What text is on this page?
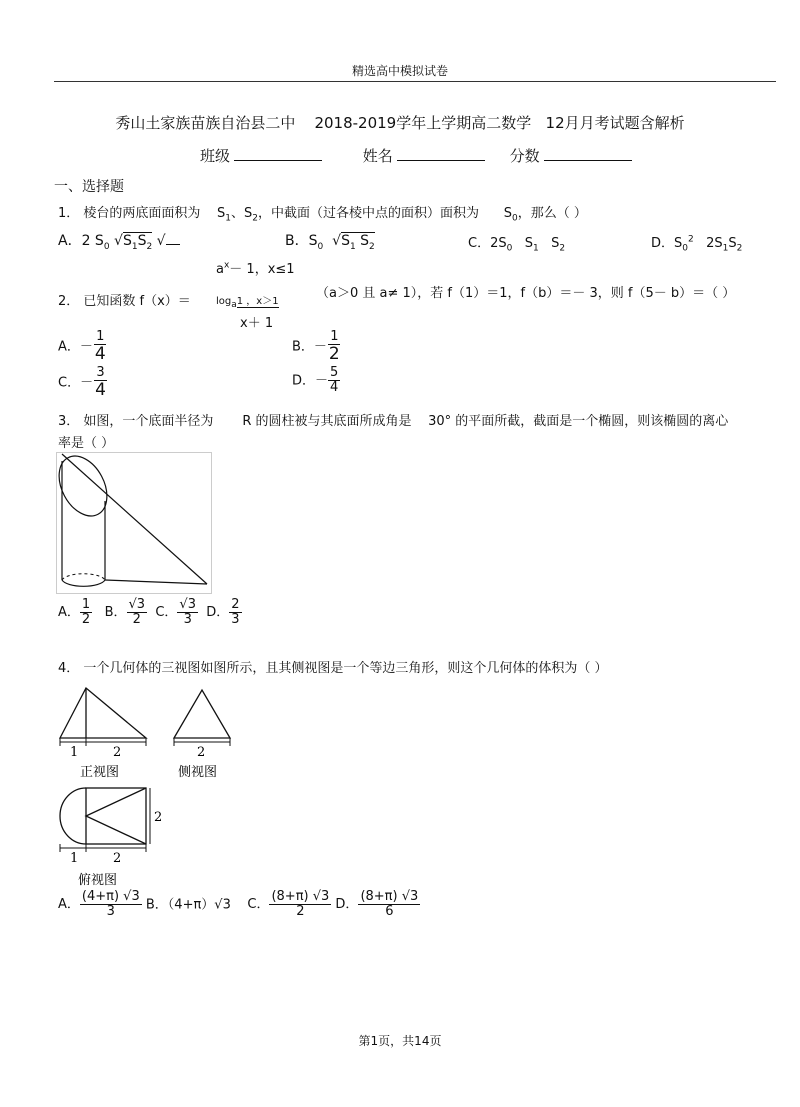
精选高中模拟试卷
秀山土家族苗族自治县二中 2018-2019学年上学期高二数学 12月月考试题含解析
班级	姓名	分数
一、选择题
1． 棱台的两底面面积为 $S_1$、$S_2$，中截面（过各棱中点的面积）面积为 $S_0$，那么（ ）
A．2 $S_0$ $√S_1S_2$ √	B．$S_0$ $√S_1$ $S_2$	C．$2S_0$ $S_1$ $S_2$	D．$S_0^2$ $2S_1S_2$
$a^x- 1$，x≤1
2． 已知函数 f（x）＝	$\log_a1$ ，x＞1
x＋ 1
（a＞0 且 a≠ 1），若 f（1）＝1，f（b）＝－ 3，则 f（5－ b）＝（ ）
A．－ $\frac{1}{4}$	B．－ $\frac{1}{2}$
C．－ $\frac{3}{4}$	D．－ $\frac{5}{4}$
3． 如图，一个底面半径为 R 的圆柱被与其底面所成角是 30° 的平面所截，截面是一个椭圆，则该椭圆的离心
率是（ ）
A． $\frac{1}{2}$ B． $\frac{√3}{2}$ C． $\frac{√3}{3}$ D． $\frac{2}{3}$
4． 一个几何体的三视图如图所示，且其侧视图是一个等边三角形，则这个几何体的体积为（ ）
1	2
正视图
2
侧视图
2
1	2
俯视图
A． $\frac{(4+\pi) √3}{3}$ B．（4+π）√3 C． $\frac{(8+\pi) √3}{2}$ D． $\frac{(8+\pi) √3}{6}$
第1页，共14页
